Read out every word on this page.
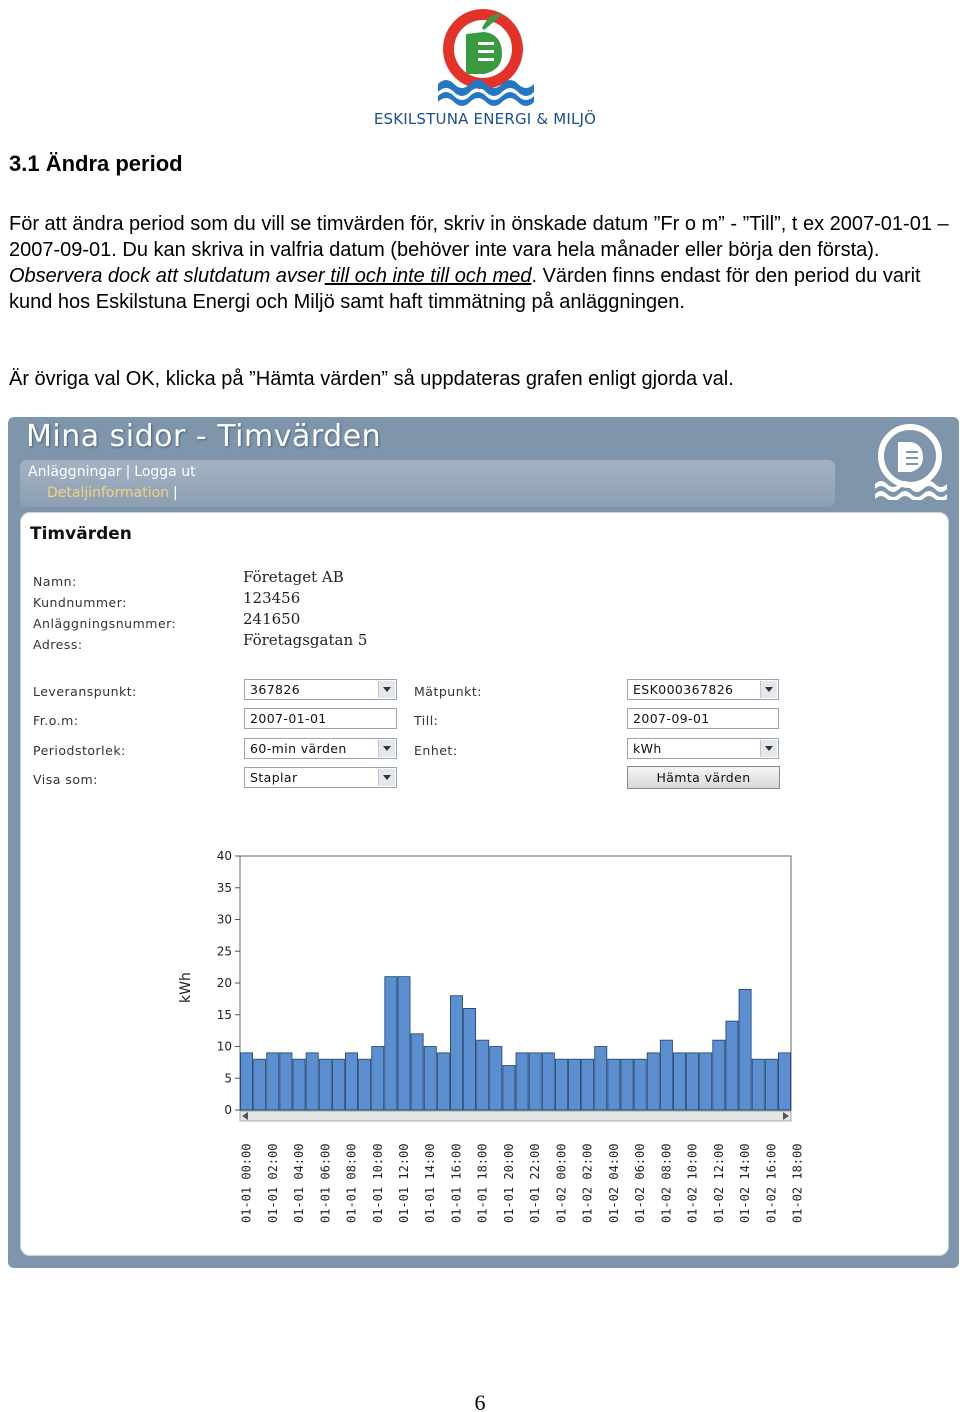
ESKILSTUNA ENERGI & MILJÖ
3.1 Ändra period

För att ändra period som du vill se timvärden för, skriv in önskade datum ”Fr o m” - ”Till”, t ex 2007-01-01 – 2007-09-01. Du kan skriva in valfria datum (behöver inte vara hela månader eller börja den första). Observera dock att slutdatum avser till och inte till och med. Värden finns endast för den period du varit kund hos Eskilstuna Energi och Miljö samt haft timmätning på anläggningen.

Är övriga val OK, klicka på ”Hämta värden” så uppdateras grafen enligt gjorda val.

Mina sidor - Timvärden
Anläggningar | Logga ut
Detaljinformation |
Timvärden
Namn:	Företaget AB
Kundnummer:	123456
Anläggningsnummer:	241650
Adress:	Företagsgatan 5
Leveranspunkt:	367826	Mätpunkt:	ESK000367826
Fr.o.m:	2007-01-01	Till:	2007-09-01
Periodstorlek:	60-min värden	Enhet:	kWh
Visa som:	Staplar	Hämta värden
0
5
10
15
20
25
30
35
40
kWh
01-01 00:00 01-01 02:00 01-01 04:00 01-01 06:00 01-01 08:00 01-01 10:00 01-01 12:00 01-01 14:00 01-01 16:00 01-01 18:00 01-01 20:00 01-01 22:00 01-02 00:00 01-02 02:00 01-02 04:00 01-02 06:00 01-02 08:00 01-02 10:00 01-02 12:00 01-02 14:00 01-02 16:00 01-02 18:00
6
